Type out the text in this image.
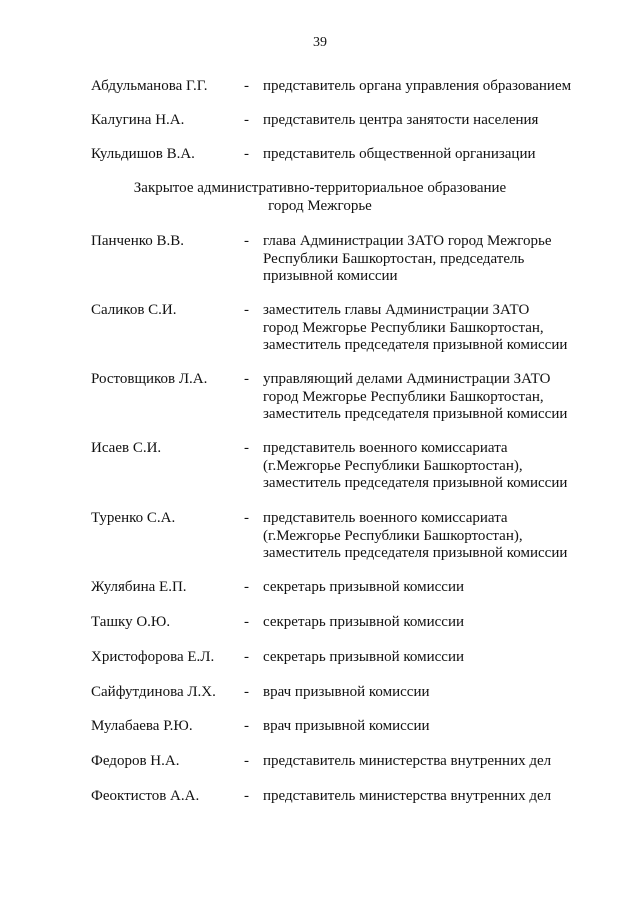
39
Абдульманова Г.Г. - представитель органа управления образованием
Калугина Н.А.	- представитель центра занятости населения
Кульдишов В.А.	- представитель общественной организации
Закрытое административно-территориальное образование
город Межгорье
Панченко В.В.	- глава Администрации ЗАТО город Межгорье
Республики Башкортостан, председатель
призывной комиссии
Саликов С.И.	- заместитель главы Администрации ЗАТО
город Межгорье Республики Башкортостан,
заместитель председателя призывной комиссии
Ростовщиков Л.А. - управляющий делами Администрации ЗАТО
город Межгорье Республики Башкортостан,
заместитель председателя призывной комиссии
Исаев С.И.	- представитель военного комиссариата
(г.Межгорье Республики Башкортостан),
заместитель председателя призывной комиссии
Туренко С.А.	- представитель военного комиссариата
(г.Межгорье Республики Башкортостан),
заместитель председателя призывной комиссии
Жулябина Е.П.	- секретарь призывной комиссии
Ташку О.Ю.	- секретарь призывной комиссии
Христофорова Е.Л. - секретарь призывной комиссии
Сайфутдинова Л.Х. - врач призывной комиссии
Мулабаева Р.Ю.	- врач призывной комиссии
Федоров Н.А.	- представитель министерства внутренних дел
Феоктистов А.А.	- представитель министерства внутренних дел
